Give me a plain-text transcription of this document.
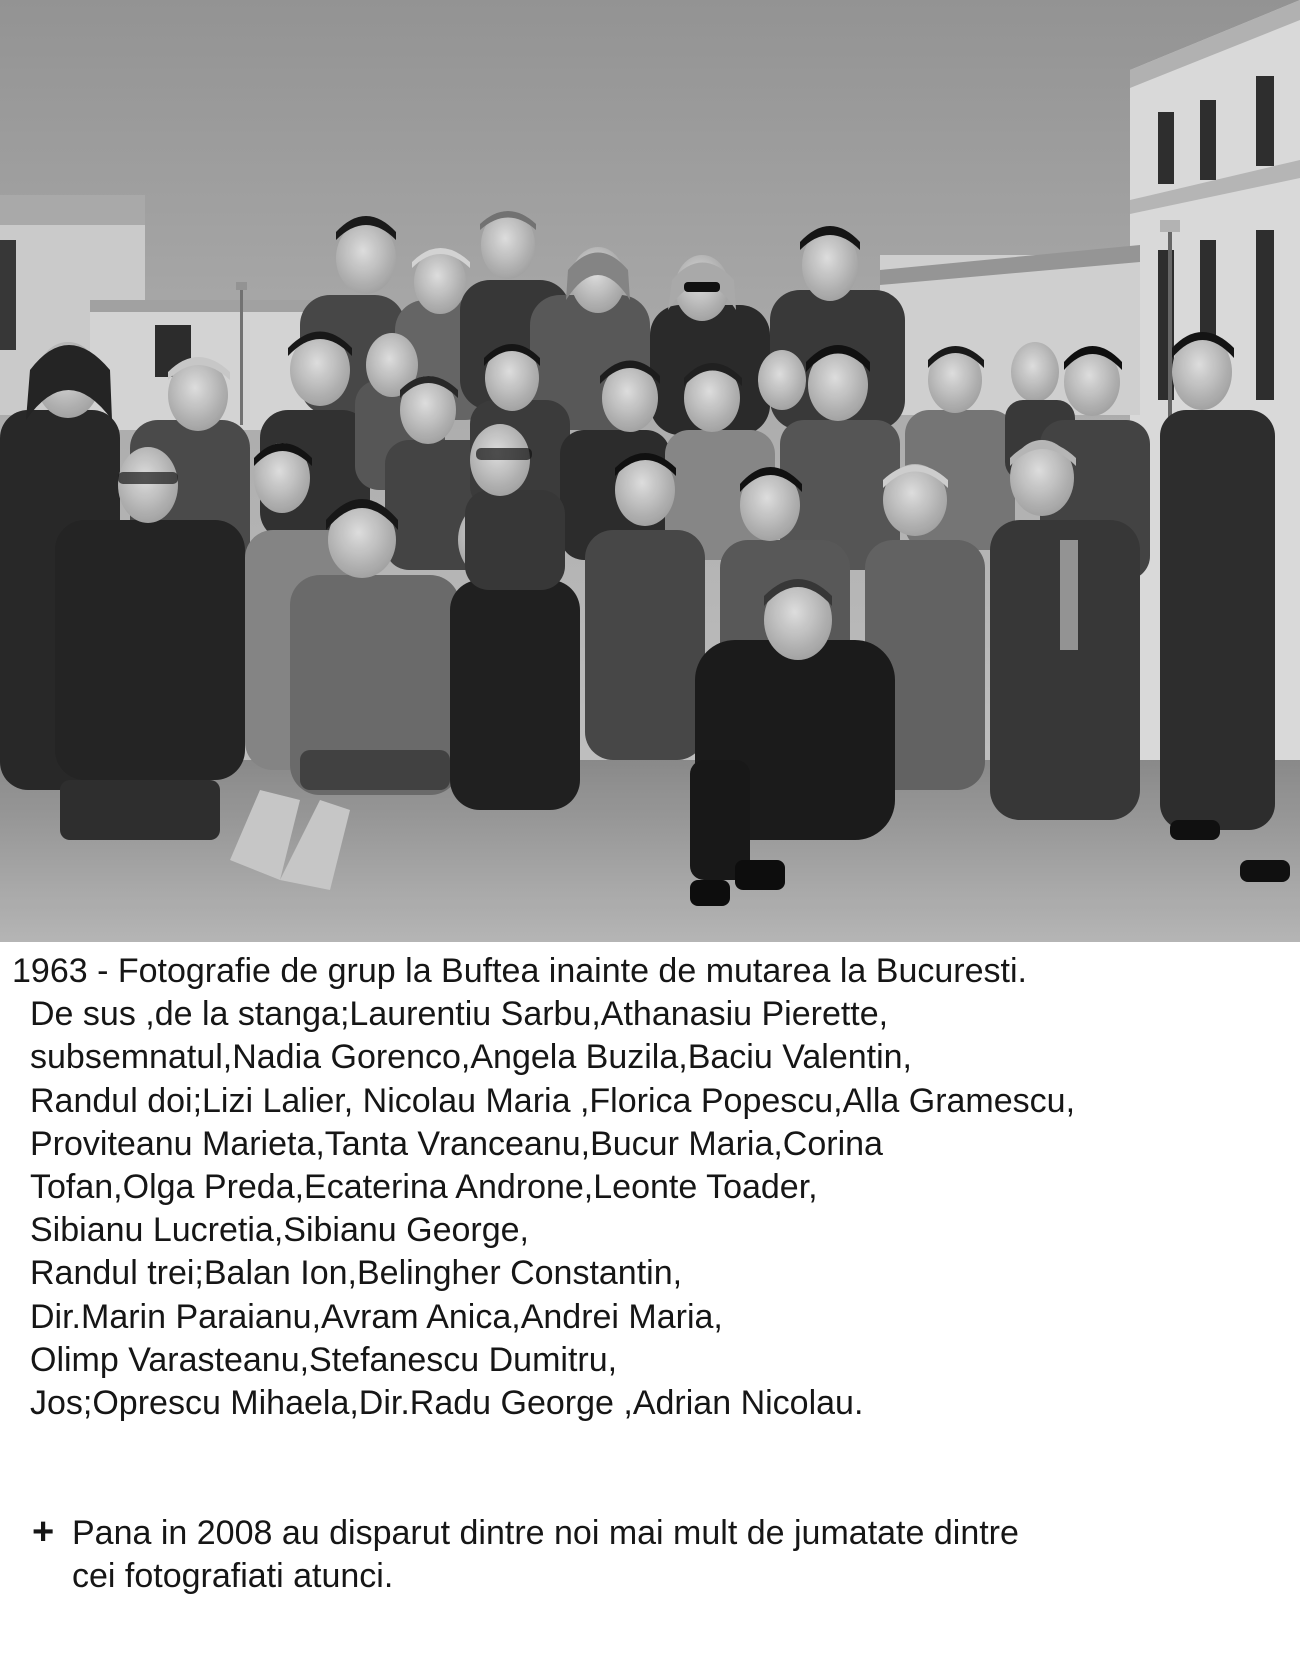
1963 - Fotografie de grup la Buftea inainte de mutarea la Bucuresti.
De sus ,de la stanga;Laurentiu Sarbu,Athanasiu Pierette,
subsemnatul,Nadia Gorenco,Angela Buzila,Baciu Valentin,
Randul doi;Lizi Lalier, Nicolau Maria ,Florica Popescu,Alla Gramescu,
Proviteanu Marieta,Tanta Vranceanu,Bucur Maria,Corina
Tofan,Olga Preda,Ecaterina Androne,Leonte Toader,
Sibianu Lucretia,Sibianu George,
Randul trei;Balan Ion,Belingher Constantin,
Dir.Marin Paraianu,Avram Anica,Andrei Maria,
Olimp Varasteanu,Stefanescu Dumitru,
Jos;Oprescu Mihaela,Dir.Radu George ,Adrian Nicolau.
+ Pana in 2008 au disparut dintre noi mai mult de jumatate dintre
cei fotografiati atunci.
